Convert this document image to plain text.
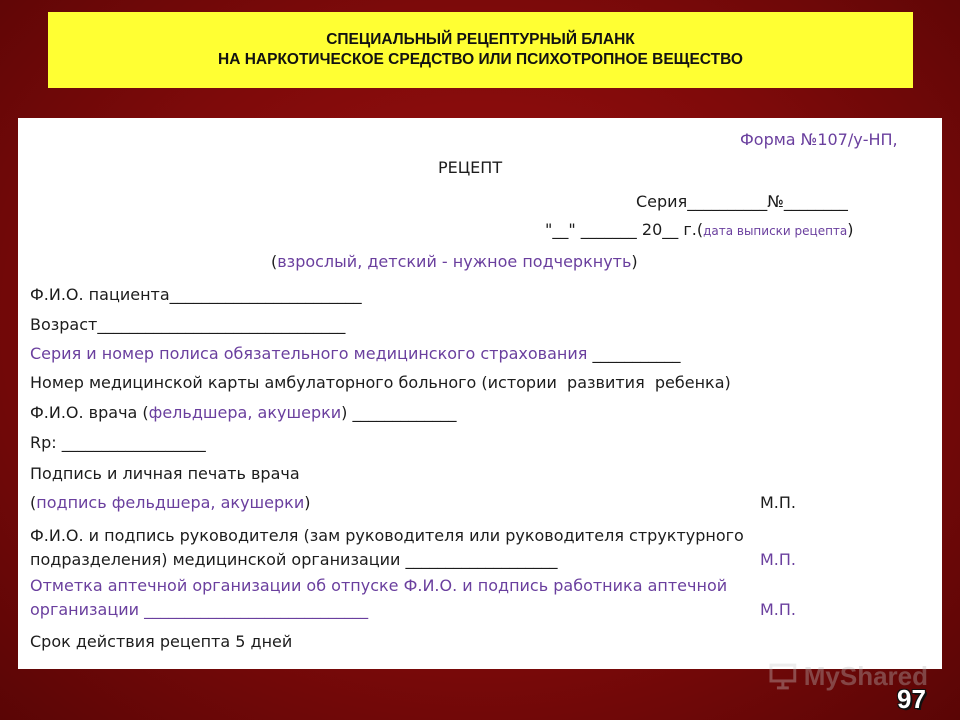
СПЕЦИАЛЬНЫЙ РЕЦЕПТУРНЫЙ БЛАНК
НА НАРКОТИЧЕСКОЕ СРЕДСТВО ИЛИ ПСИХОТРОПНОЕ ВЕЩЕСТВО
Форма №107/у-НП,
РЕЦЕПТ
Серия__________№________
"__" _______ 20__ г.(дата выписки рецепта)
(взрослый, детский - нужное подчеркнуть)
Ф.И.О. пациента________________________
Возраст_______________________________
Серия и номер полиса обязательного медицинского страхования ___________
Номер медицинской карты амбулаторного больного (истории  развития  ребенка)
Ф.И.О. врача (фельдшера, акушерки) _____________
Rp: __________________
Подпись и личная печать врача
(подпись фельдшера, акушерки)	М.П.
Ф.И.О. и подпись руководителя (зам руководителя или руководителя структурного
подразделения) медицинской организации ___________________	М.П.
Отметка аптечной организации об отпуске Ф.И.О. и подпись работника аптечной
организации ____________________________	М.П.
Срок действия рецепта 5 дней
MyShared
97
